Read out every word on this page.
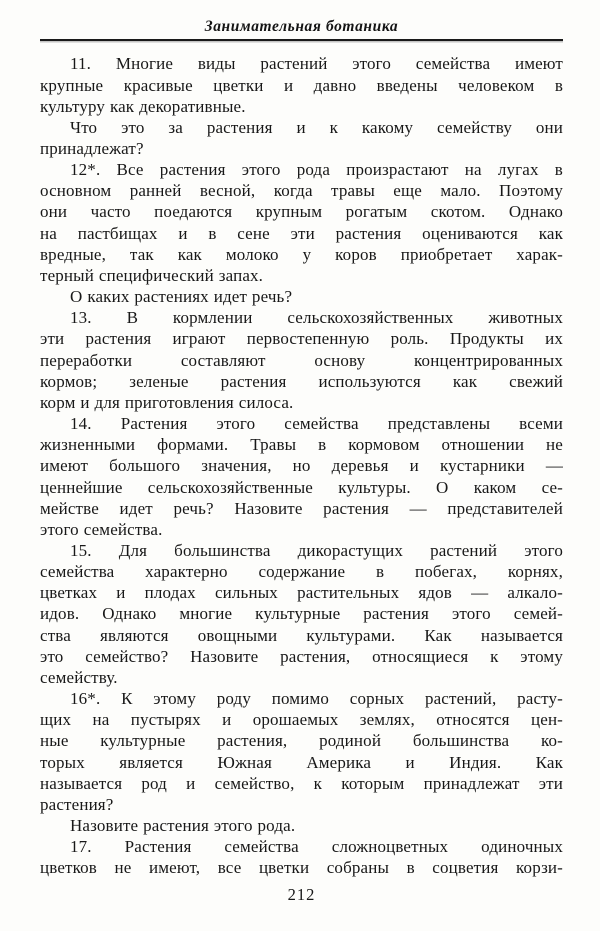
Занимательная ботаника
11. Многие виды растений этого семейства имеют
крупные красивые цветки и давно введены человеком в
культуру как декоративные.
Что это за растения и к какому семейству они
принадлежат?
12*. Все растения этого рода произрастают на лугах в
основном ранней весной, когда травы еще мало. Поэтому
они часто поедаются крупным рогатым скотом. Однако
на пастбищах и в сене эти растения оцениваются как
вредные, так как молоко у коров приобретает харак-
терный специфический запах.
О каких растениях идет речь?
13. В кормлении сельскохозяйственных животных
эти растения играют первостепенную роль. Продукты их
переработки составляют основу концентрированных
кормов; зеленые растения используются как свежий
корм и для приготовления силоса.
14. Растения этого семейства представлены всеми
жизненными формами. Травы в кормовом отношении не
имеют большого значения, но деревья и кустарники —
ценнейшие сельскохозяйственные культуры. О каком се-
мействе идет речь? Назовите растения — представителей
этого семейства.
15. Для большинства дикорастущих растений этого
семейства характерно содержание в побегах, корнях,
цветках и плодах сильных растительных ядов — алкало-
идов. Однако многие культурные растения этого семей-
ства являются овощными культурами. Как называется
это семейство? Назовите растения, относящиеся к этому
семейству.
16*. К этому роду помимо сорных растений, расту-
щих на пустырях и орошаемых землях, относятся цен-
ные культурные растения, родиной большинства ко-
торых является Южная Америка и Индия. Как
называется род и семейство, к которым принадлежат эти
растения?
Назовите растения этого рода.
17. Растения семейства сложноцветных одиночных
цветков не имеют, все цветки собраны в соцветия корзи-
212
